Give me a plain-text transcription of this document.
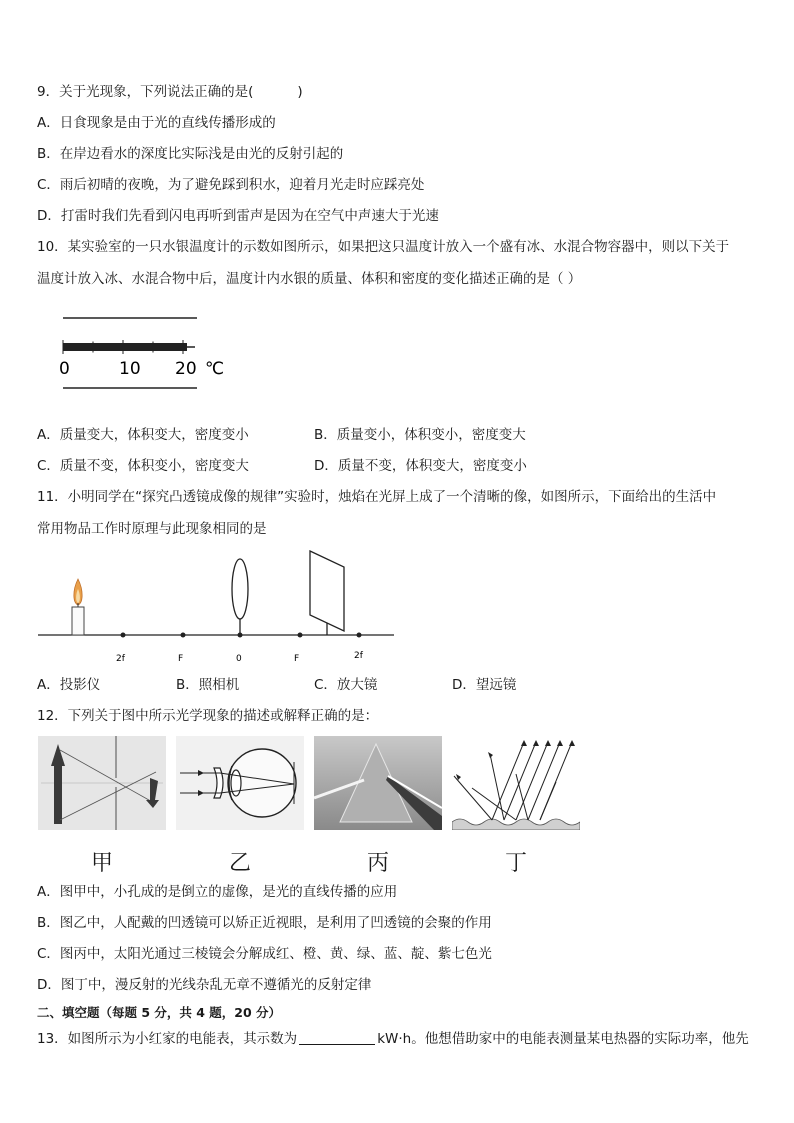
9．关于光现象，下列说法正确的是(	)
A．日食现象是由于光的直线传播形成的
B．在岸边看水的深度比实际浅是由光的反射引起的
C．雨后初晴的夜晚，为了避免踩到积水，迎着月光走时应踩亮处
D．打雷时我们先看到闪电再听到雷声是因为在空气中声速大于光速
10．某实验室的一只水银温度计的示数如图所示，如果把这只温度计放入一个盛有冰、水混合物容器中，则以下关于
温度计放入冰、水混合物中后，温度计内水银的质量、体积和密度的变化描述正确的是（ ）
0	10 20 ℃
A．质量变大，体积变大，密度变小	B．质量变小，体积变小，密度变大
C．质量不变，体积变小，密度变大	D．质量不变，体积变大，密度变小
11．小明同学在“探究凸透镜成像的规律”实验时，烛焰在光屏上成了一个清晰的像，如图所示，下面给出的生活中
常用物品工作时原理与此现象相同的是
2f	F	0	F	2f
A．投影仪	B．照相机	C．放大镜	D．望远镜
12．下列关于图中所示光学现象的描述或解释正确的是：
甲	乙	丙	丁
A．图甲中，小孔成的是倒立的虚像，是光的直线传播的应用
B．图乙中，人配戴的凹透镜可以矫正近视眼，是利用了凹透镜的会聚的作用
C．图丙中，太阳光通过三棱镜会分解成红、橙、黄、绿、蓝、靛、紫七色光
D．图丁中，漫反射的光线杂乱无章不遵循光的反射定律
二、填空题（每题 5 分，共 4 题，20 分）
13．如图所示为小红家的电能表，其示数为	kW·h。他想借助家中的电能表测量某电热器的实际功率，他先
